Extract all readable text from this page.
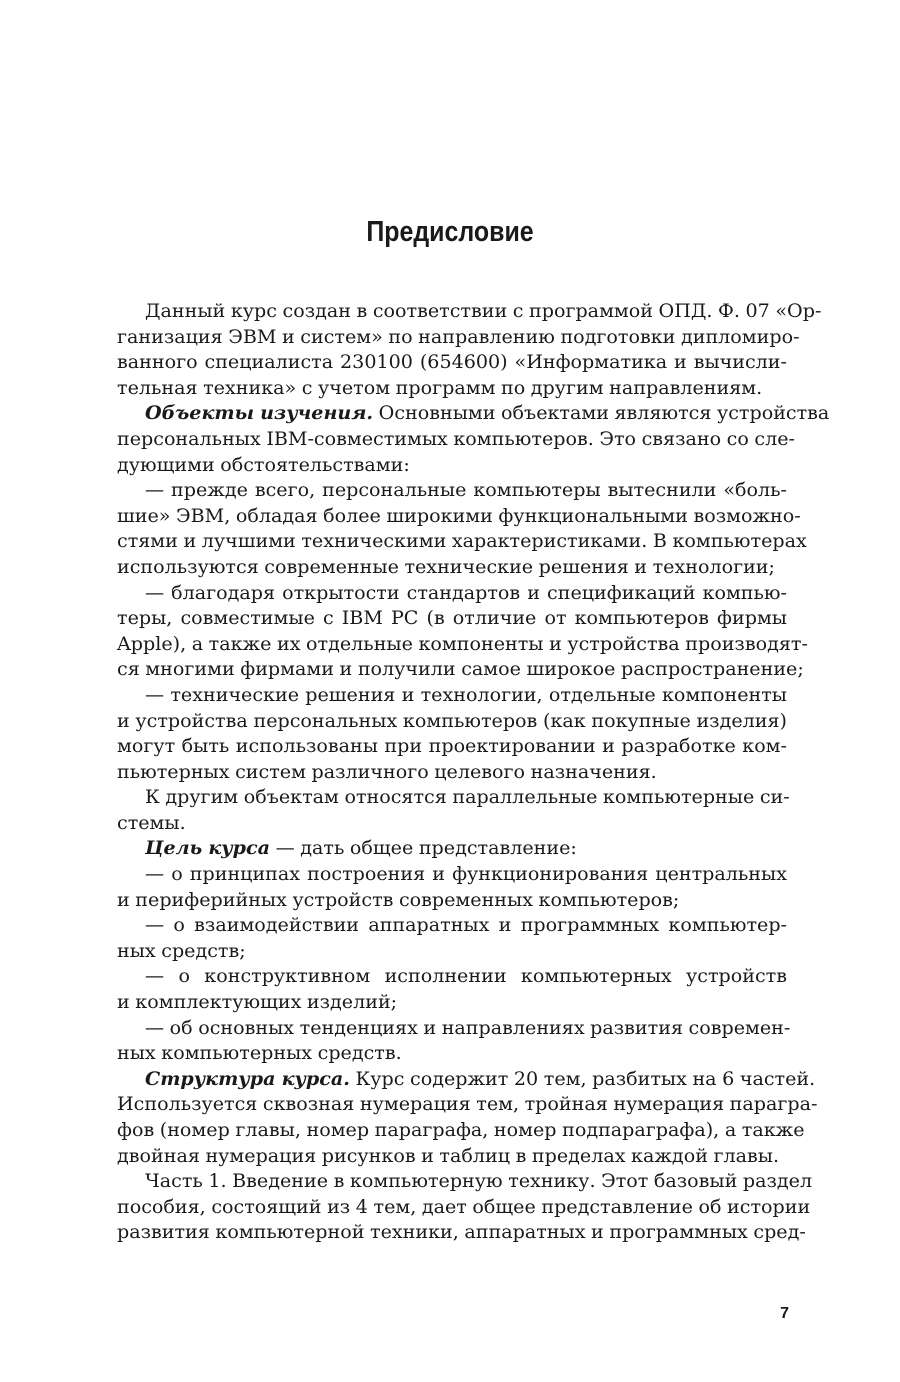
Предисловие
Данный курс создан в соответствии с программой ОПД. Ф. 07 «Ор-
ганизация ЭВМ и систем» по направлению подготовки дипломиро-
ванного специалиста 230100 (654600) «Информатика и вычисли-
тельная техника» с учетом программ по другим направлениям.
Объекты изучения. Основными объектами являются устройства
персональных IBM-совместимых компьютеров. Это связано со сле-
дующими обстоятельствами:
— прежде всего, персональные компьютеры вытеснили «боль-
шие» ЭВМ, обладая более широкими функциональными возможно-
стями и лучшими техническими характеристиками. В компьютерах
используются современные технические решения и технологии;
— благодаря открытости стандартов и спецификаций компью-
теры, совместимые с IBM PC (в отличие от компьютеров фирмы
Apple), а также их отдельные компоненты и устройства производят-
ся многими фирмами и получили самое широкое распространение;
— технические решения и технологии, отдельные компоненты
и устройства персональных компьютеров (как покупные изделия)
могут быть использованы при проектировании и разработке ком-
пьютерных систем различного целевого назначения.
К другим объектам относятся параллельные компьютерные си-
стемы.
Цель курса — дать общее представление:
— о принципах построения и функционирования центральных
и периферийных устройств современных компьютеров;
— о взаимодействии аппаратных и программных компьютер-
ных средств;
— о конструктивном исполнении компьютерных устройств
и комплектующих изделий;
— об основных тенденциях и направлениях развития современ-
ных компьютерных средств.
Структура курса. Курс содержит 20 тем, разбитых на 6 частей.
Используется сквозная нумерация тем, тройная нумерация парагра-
фов (номер главы, номер параграфа, номер подпараграфа), а также
двойная нумерация рисунков и таблиц в пределах каждой главы.
Часть 1. Введение в компьютерную технику. Этот базовый раздел
пособия, состоящий из 4 тем, дает общее представление об истории
развития компьютерной техники, аппаратных и программных сред-
7
